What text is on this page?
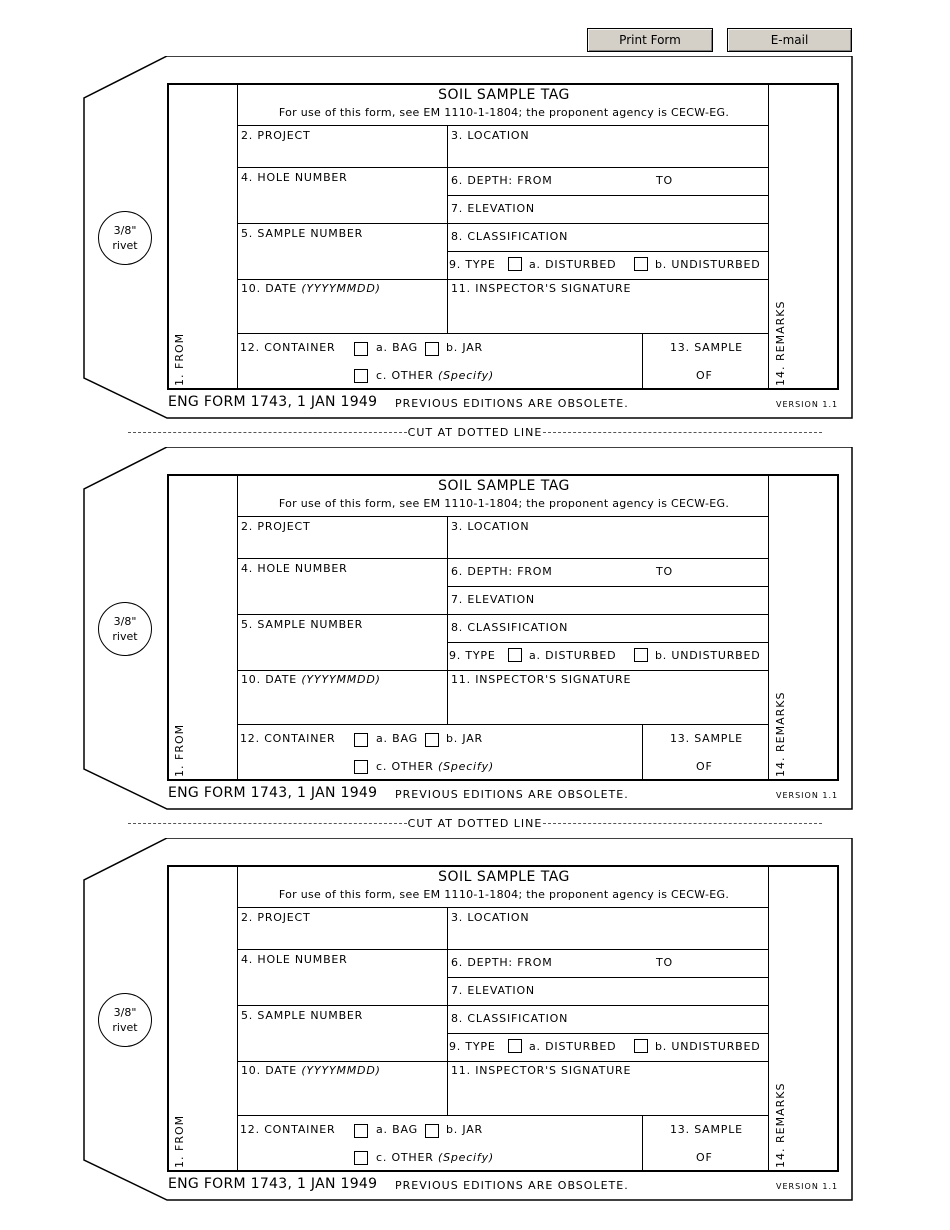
Print Form	E-mail
3/8"
rivet
SOIL SAMPLE TAG
For use of this form, see EM 1110-1-1804; the proponent agency is CECW-EG.
1. FROM	14. REMARKS
2. PROJECT	3. LOCATION
4. HOLE NUMBER	6. DEPTH: FROM	TO
7. ELEVATION
5. SAMPLE NUMBER	8. CLASSIFICATION
9. TYPE	a. DISTURBED	b. UNDISTURBED
10. DATE (YYYYMMDD)	11. INSPECTOR'S SIGNATURE
12. CONTAINER	a. BAG	b. JAR
c. OTHER (Specify)
13. SAMPLE
OF
ENG FORM 1743, 1 JAN 1949 PREVIOUS EDITIONS ARE OBSOLETE.	VERSION 1.1
3/8"
rivet
SOIL SAMPLE TAG
For use of this form, see EM 1110-1-1804; the proponent agency is CECW-EG.
1. FROM	14. REMARKS
2. PROJECT	3. LOCATION
4. HOLE NUMBER	6. DEPTH: FROM	TO
7. ELEVATION
5. SAMPLE NUMBER	8. CLASSIFICATION
9. TYPE	a. DISTURBED	b. UNDISTURBED
10. DATE (YYYYMMDD)	11. INSPECTOR'S SIGNATURE
12. CONTAINER	a. BAG	b. JAR
c. OTHER (Specify)
13. SAMPLE
OF
ENG FORM 1743, 1 JAN 1949 PREVIOUS EDITIONS ARE OBSOLETE.	VERSION 1.1
3/8"
rivet
SOIL SAMPLE TAG
For use of this form, see EM 1110-1-1804; the proponent agency is CECW-EG.
1. FROM	14. REMARKS
2. PROJECT	3. LOCATION
4. HOLE NUMBER	6. DEPTH: FROM	TO
7. ELEVATION
5. SAMPLE NUMBER	8. CLASSIFICATION
9. TYPE	a. DISTURBED	b. UNDISTURBED
10. DATE (YYYYMMDD)	11. INSPECTOR'S SIGNATURE
12. CONTAINER	a. BAG	b. JAR
c. OTHER (Specify)
13. SAMPLE
OF
ENG FORM 1743, 1 JAN 1949 PREVIOUS EDITIONS ARE OBSOLETE.	VERSION 1.1
CUT AT DOTTED LINE
CUT AT DOTTED LINE
